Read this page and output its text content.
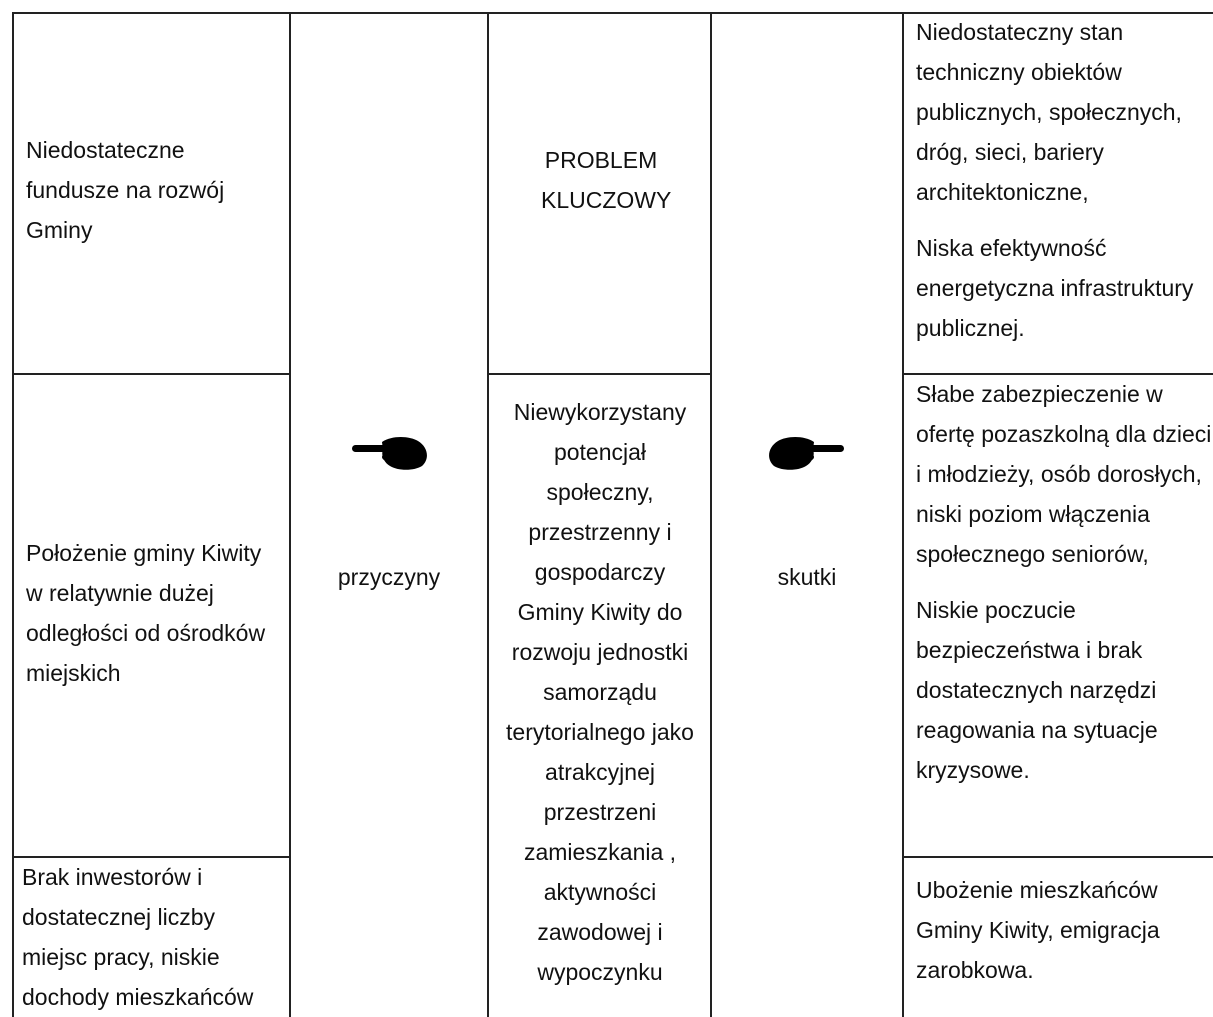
Niedostateczne fundusze na rozwój Gminy

Położenie gminy Kiwity w relatywnie dużej odległości od ośrodków miejskich

Brak inwestorów i dostatecznej liczby miejsc pracy, niskie dochody mieszkańców

przyczyny

PROBLEM KLUCZOWY

Niewykorzystany potencjał społeczny, przestrzenny i gospodarczy Gminy Kiwity do rozwoju jednostki samorządu terytorialnego jako atrakcyjnej przestrzeni zamieszkania , aktywności zawodowej i wypoczynku

skutki

Niedostateczny stan techniczny obiektów publicznych, społecznych, dróg, sieci, bariery architektoniczne,

Niska efektywność energetyczna infrastruktury publicznej.

Słabe zabezpieczenie w ofertę pozaszkolną dla dzieci i młodzieży, osób dorosłych, niski poziom włączenia społecznego seniorów,

Niskie poczucie bezpieczeństwa i brak dostatecznych narzędzi reagowania na sytuacje kryzysowe.

Ubożenie mieszkańców Gminy Kiwity, emigracja zarobkowa.
